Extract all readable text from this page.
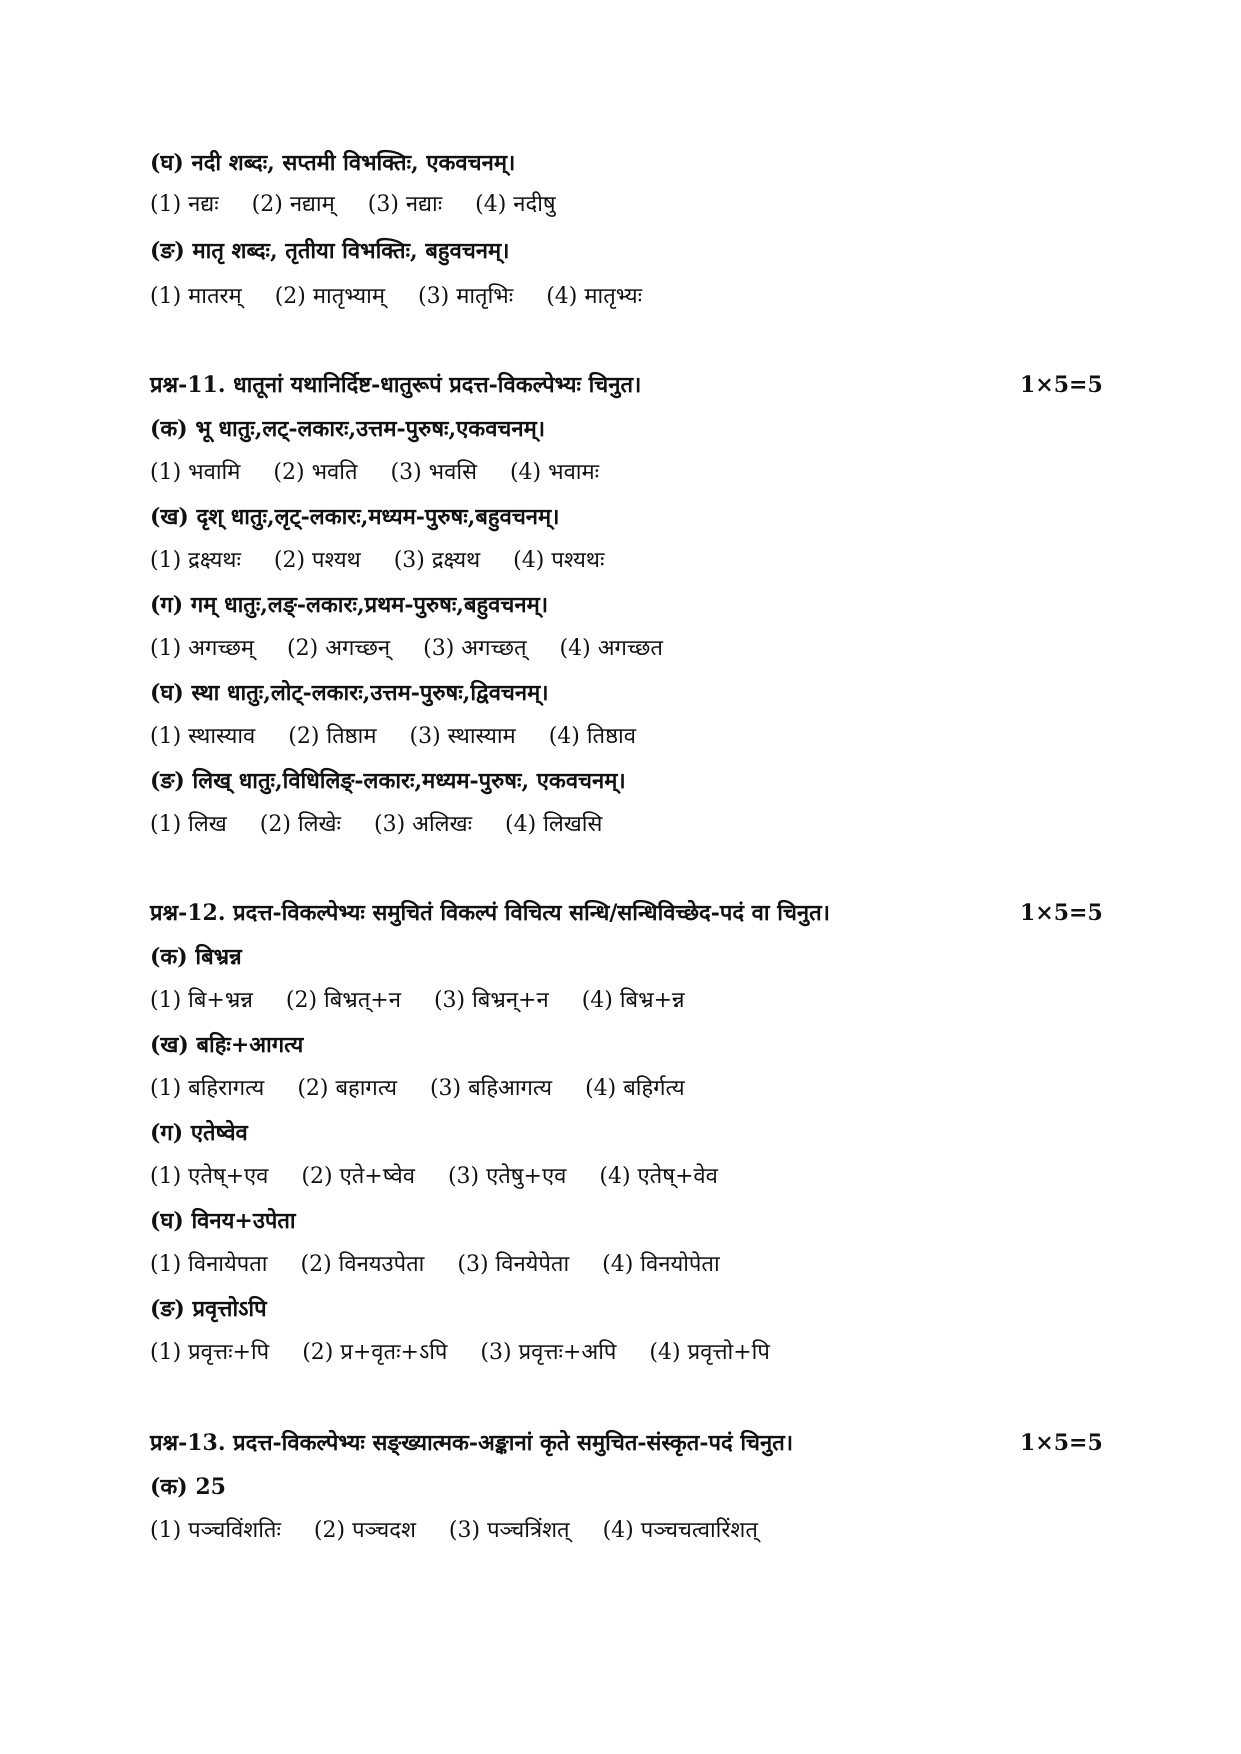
(घ) नदी शब्दः, सप्तमी विभक्तिः, एकवचनम्।
(1) नद्यः (2) नद्याम् (3) नद्याः (4) नदीषु
(ङ) मातृ शब्दः, तृतीया विभक्तिः, बहुवचनम्।
(1) मातरम् (2) मातृभ्याम् (3) मातृभिः (4) मातृभ्यः
प्रश्न-11. धातूनां यथानिर्दिष्ट-धातुरूपं प्रदत्त-विकल्पेभ्यः चिनुत।	1×5=5
(क) भू धातुः,लट्-लकारः,उत्तम-पुरुषः,एकवचनम्।
(1) भवामि (2) भवति (3) भवसि (4) भवामः
(ख) दृश् धातुः,लृट्-लकारः,मध्यम-पुरुषः,बहुवचनम्।
(1) द्रक्ष्यथः (2) पश्यथ (3) द्रक्ष्यथ (4) पश्यथः
(ग) गम् धातुः,लङ्-लकारः,प्रथम-पुरुषः,बहुवचनम्।
(1) अगच्छम् (2) अगच्छन् (3) अगच्छत् (4) अगच्छत
(घ) स्था धातुः,लोट्-लकारः,उत्तम-पुरुषः,द्विवचनम्।
(1) स्थास्याव (2) तिष्ठाम (3) स्थास्याम (4) तिष्ठाव
(ङ) लिख् धातुः,विधिलिङ्-लकारः,मध्यम-पुरुषः, एकवचनम्।
(1) लिख (2) लिखेः (3) अलिखः (4) लिखसि
प्रश्न-12. प्रदत्त-विकल्पेभ्यः समुचितं विकल्पं विचित्य सन्धि/सन्धिविच्छेद-पदं वा चिनुत।	1×5=5
(क) बिभ्रन्न
(1) बि+भ्रन्न (2) बिभ्रत्+न (3) बिभ्रन्+न (4) बिभ्र+न्न
(ख) बहिः+आगत्य
(1) बहिरागत्य (2) बहागत्य (3) बहिआगत्य (4) बहिर्गत्य
(ग) एतेष्वेव
(1) एतेष्+एव (2) एते+ष्वेव (3) एतेषु+एव (4) एतेष्+वेव
(घ) विनय+उपेता
(1) विनायेपता (2) विनयउपेता (3) विनयेपेता (4) विनयोपेता
(ङ) प्रवृत्तोऽपि
(1) प्रवृत्तः+पि (2) प्र+वृतः+ऽपि (3) प्रवृत्तः+अपि (4) प्रवृत्तो+पि
प्रश्न-13. प्रदत्त-विकल्पेभ्यः सङ्ख्यात्मक-अङ्कानां कृते समुचित-संस्कृत-पदं चिनुत।	1×5=5
(क) 25
(1) पञ्चविंशतिः (2) पञ्चदश (3) पञ्चत्रिंशत् (4) पञ्चचत्वारिंशत्
